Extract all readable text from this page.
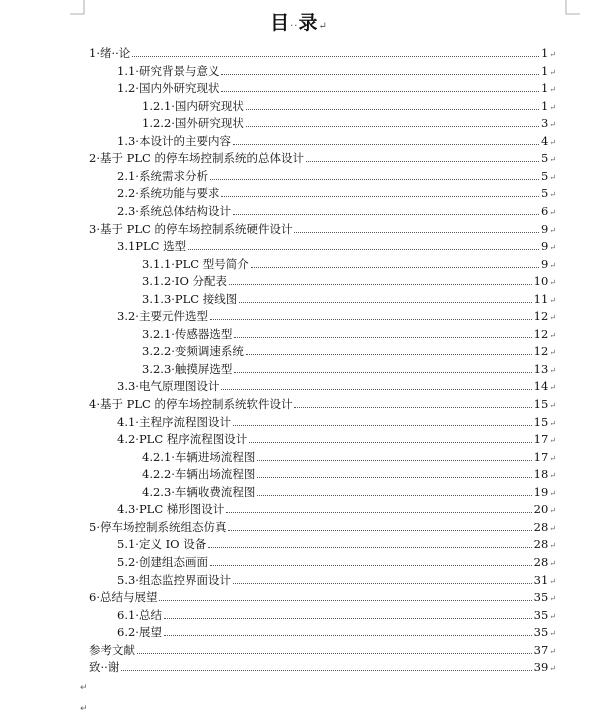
目··录↵
1·绪··论	1 ↵
1.1·研究背景与意义	1 ↵
1.2·国内外研究现状	1 ↵
1.2.1·国内研究现状	1 ↵
1.2.2·国外研究现状	3 ↵
1.3·本设计的主要内容	4 ↵
2·基于 PLC 的停车场控制系统的总体设计	5 ↵
2.1·系统需求分析	5 ↵
2.2·系统功能与要求	5 ↵
2.3·系统总体结构设计	6 ↵
3·基于 PLC 的停车场控制系统硬件设计	9 ↵
3.1PLC 选型	9 ↵
3.1.1·PLC 型号简介	9 ↵
3.1.2·IO 分配表	10 ↵
3.1.3·PLC 接线图	11 ↵
3.2·主要元件选型	12 ↵
3.2.1·传感器选型	12 ↵
3.2.2·变频调速系统	12 ↵
3.2.3·触摸屏选型	13 ↵
3.3·电气原理图设计	14 ↵
4·基于 PLC 的停车场控制系统软件设计	15 ↵
4.1·主程序流程图设计	15 ↵
4.2·PLC 程序流程图设计	17 ↵
4.2.1·车辆进场流程图	17 ↵
4.2.2·车辆出场流程图	18 ↵
4.2.3·车辆收费流程图	19 ↵
4.3·PLC 梯形图设计	20 ↵
5·停车场控制系统组态仿真	28 ↵
5.1·定义 IO 设备	28 ↵
5.2·创建组态画面	28 ↵
5.3·组态监控界面设计	31 ↵
6·总结与展望	35 ↵
6.1·总结	35 ↵
6.2·展望	35 ↵
参考文献	37 ↵
致··谢	39 ↵
↵
↵
